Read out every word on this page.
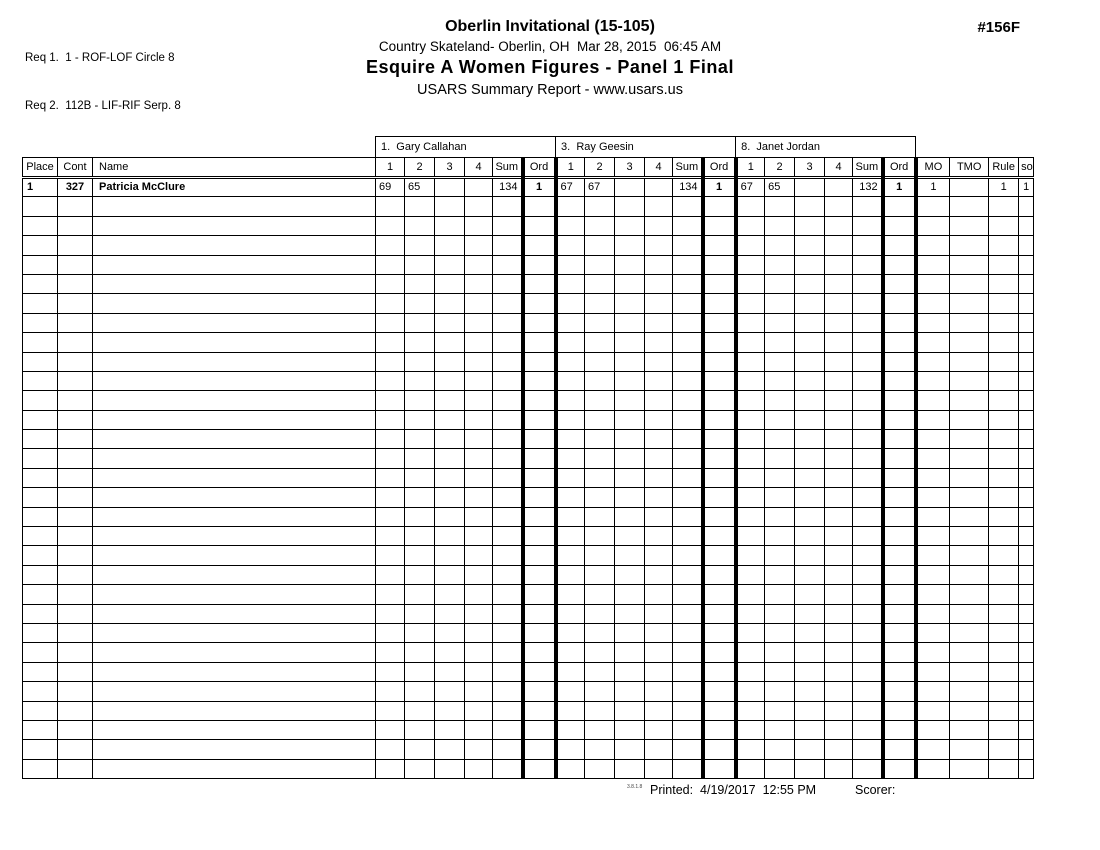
Req 1.  1 - ROF-LOF Circle 8

Req 2.  112B - LIF-RIF Serp. 8

Oberlin Invitational (15-105)
Country Skateland- Oberlin, OH  Mar 28, 2015  06:45 AM
Esquire A Women Figures - Panel 1 Final
USARS Summary Report - www.usars.us
#156F
			1.  Gary Callahan						3.  Ray Geesin						8.  Janet Jordan									
Place	Cont	Name	1	2	3	4	Sum	Ord	1	2	3	4	Sum	Ord	1	2	3	4	Sum	Ord	MO	TMO	Rule	so
1	327	Patricia McClure	69	65			134	1	67	67			134	1	67	65			132	1	1		1	1

3.8.1.8 Printed:  4/19/2017  12:55 PM	Scorer:
